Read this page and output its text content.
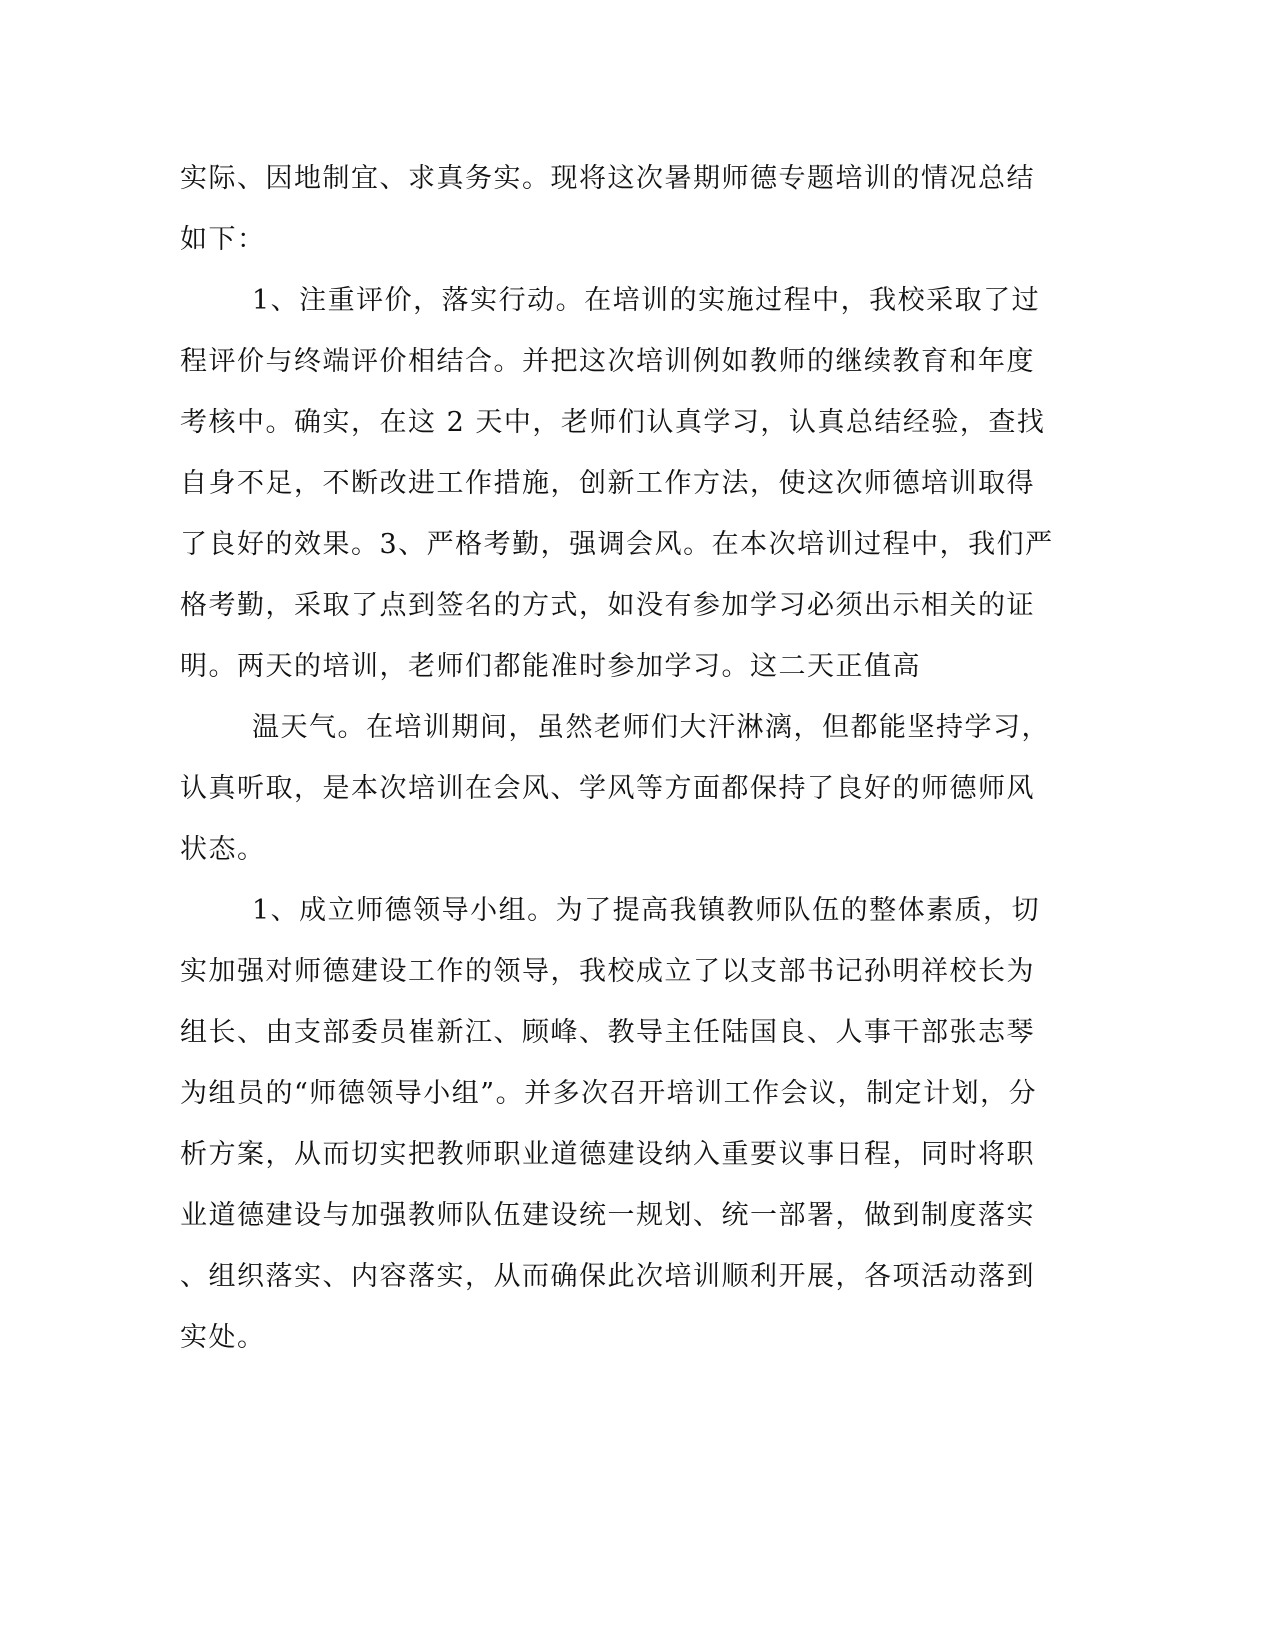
实际、因地制宜、求真务实。现将这次暑期师德专题培训的情况总结
如下：
1、注重评价，落实行动。在培训的实施过程中，我校采取了过
程评价与终端评价相结合。并把这次培训例如教师的继续教育和年度
考核中。确实，在这 2 天中，老师们认真学习，认真总结经验，查找
自身不足，不断改进工作措施，创新工作方法，使这次师德培训取得
了良好的效果。3、严格考勤，强调会风。在本次培训过程中，我们严
格考勤，采取了点到签名的方式，如没有参加学习必须出示相关的证
明。两天的培训，老师们都能准时参加学习。这二天正值高
温天气。在培训期间，虽然老师们大汗淋漓，但都能坚持学习，
认真听取，是本次培训在会风、学风等方面都保持了良好的师德师风
状态。
1、成立师德领导小组。为了提高我镇教师队伍的整体素质，切
实加强对师德建设工作的领导，我校成立了以支部书记孙明祥校长为
组长、由支部委员崔新江、顾峰、教导主任陆国良、人事干部张志琴
为组员的“师德领导小组”。并多次召开培训工作会议，制定计划，分
析方案，从而切实把教师职业道德建设纳入重要议事日程，同时将职
业道德建设与加强教师队伍建设统一规划、统一部署，做到制度落实
、组织落实、内容落实，从而确保此次培训顺利开展，各项活动落到
实处。
